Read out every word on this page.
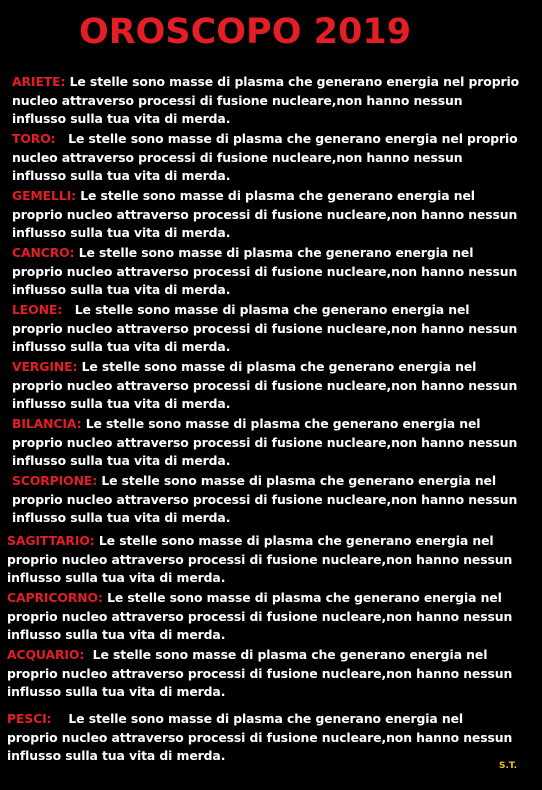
OROSCOPO 2019
ARIETE: Le stelle sono masse di plasma che generano energia nel proprio nucleo attraverso processi di fusione nucleare,non hanno nessun influsso sulla tua vita di merda.
TORO: Le stelle sono masse di plasma che generano energia nel proprio nucleo attraverso processi di fusione nucleare,non hanno nessun influsso sulla tua vita di merda.
GEMELLI: Le stelle sono masse di plasma che generano energia nel proprio nucleo attraverso processi di fusione nucleare,non hanno nessun influsso sulla tua vita di merda.
CANCRO: Le stelle sono masse di plasma che generano energia nel proprio nucleo attraverso processi di fusione nucleare,non hanno nessun influsso sulla tua vita di merda.
LEONE: Le stelle sono masse di plasma che generano energia nel proprio nucleo attraverso processi di fusione nucleare,non hanno nessun influsso sulla tua vita di merda.
VERGINE: Le stelle sono masse di plasma che generano energia nel proprio nucleo attraverso processi di fusione nucleare,non hanno nessun influsso sulla tua vita di merda.
BILANCIA: Le stelle sono masse di plasma che generano energia nel proprio nucleo attraverso processi di fusione nucleare,non hanno nessun influsso sulla tua vita di merda.
SCORPIONE: Le stelle sono masse di plasma che generano energia nel proprio nucleo attraverso processi di fusione nucleare,non hanno nessun influsso sulla tua vita di merda.
SAGITTARIO: Le stelle sono masse di plasma che generano energia nel proprio nucleo attraverso processi di fusione nucleare,non hanno nessun influsso sulla tua vita di merda.
CAPRICORNO: Le stelle sono masse di plasma che generano energia nel proprio nucleo attraverso processi di fusione nucleare,non hanno nessun influsso sulla tua vita di merda.
ACQUARIO: Le stelle sono masse di plasma che generano energia nel proprio nucleo attraverso processi di fusione nucleare,non hanno nessun influsso sulla tua vita di merda.
PESCI: Le stelle sono masse di plasma che generano energia nel proprio nucleo attraverso processi di fusione nucleare,non hanno nessun influsso sulla tua vita di merda.
S.T.
